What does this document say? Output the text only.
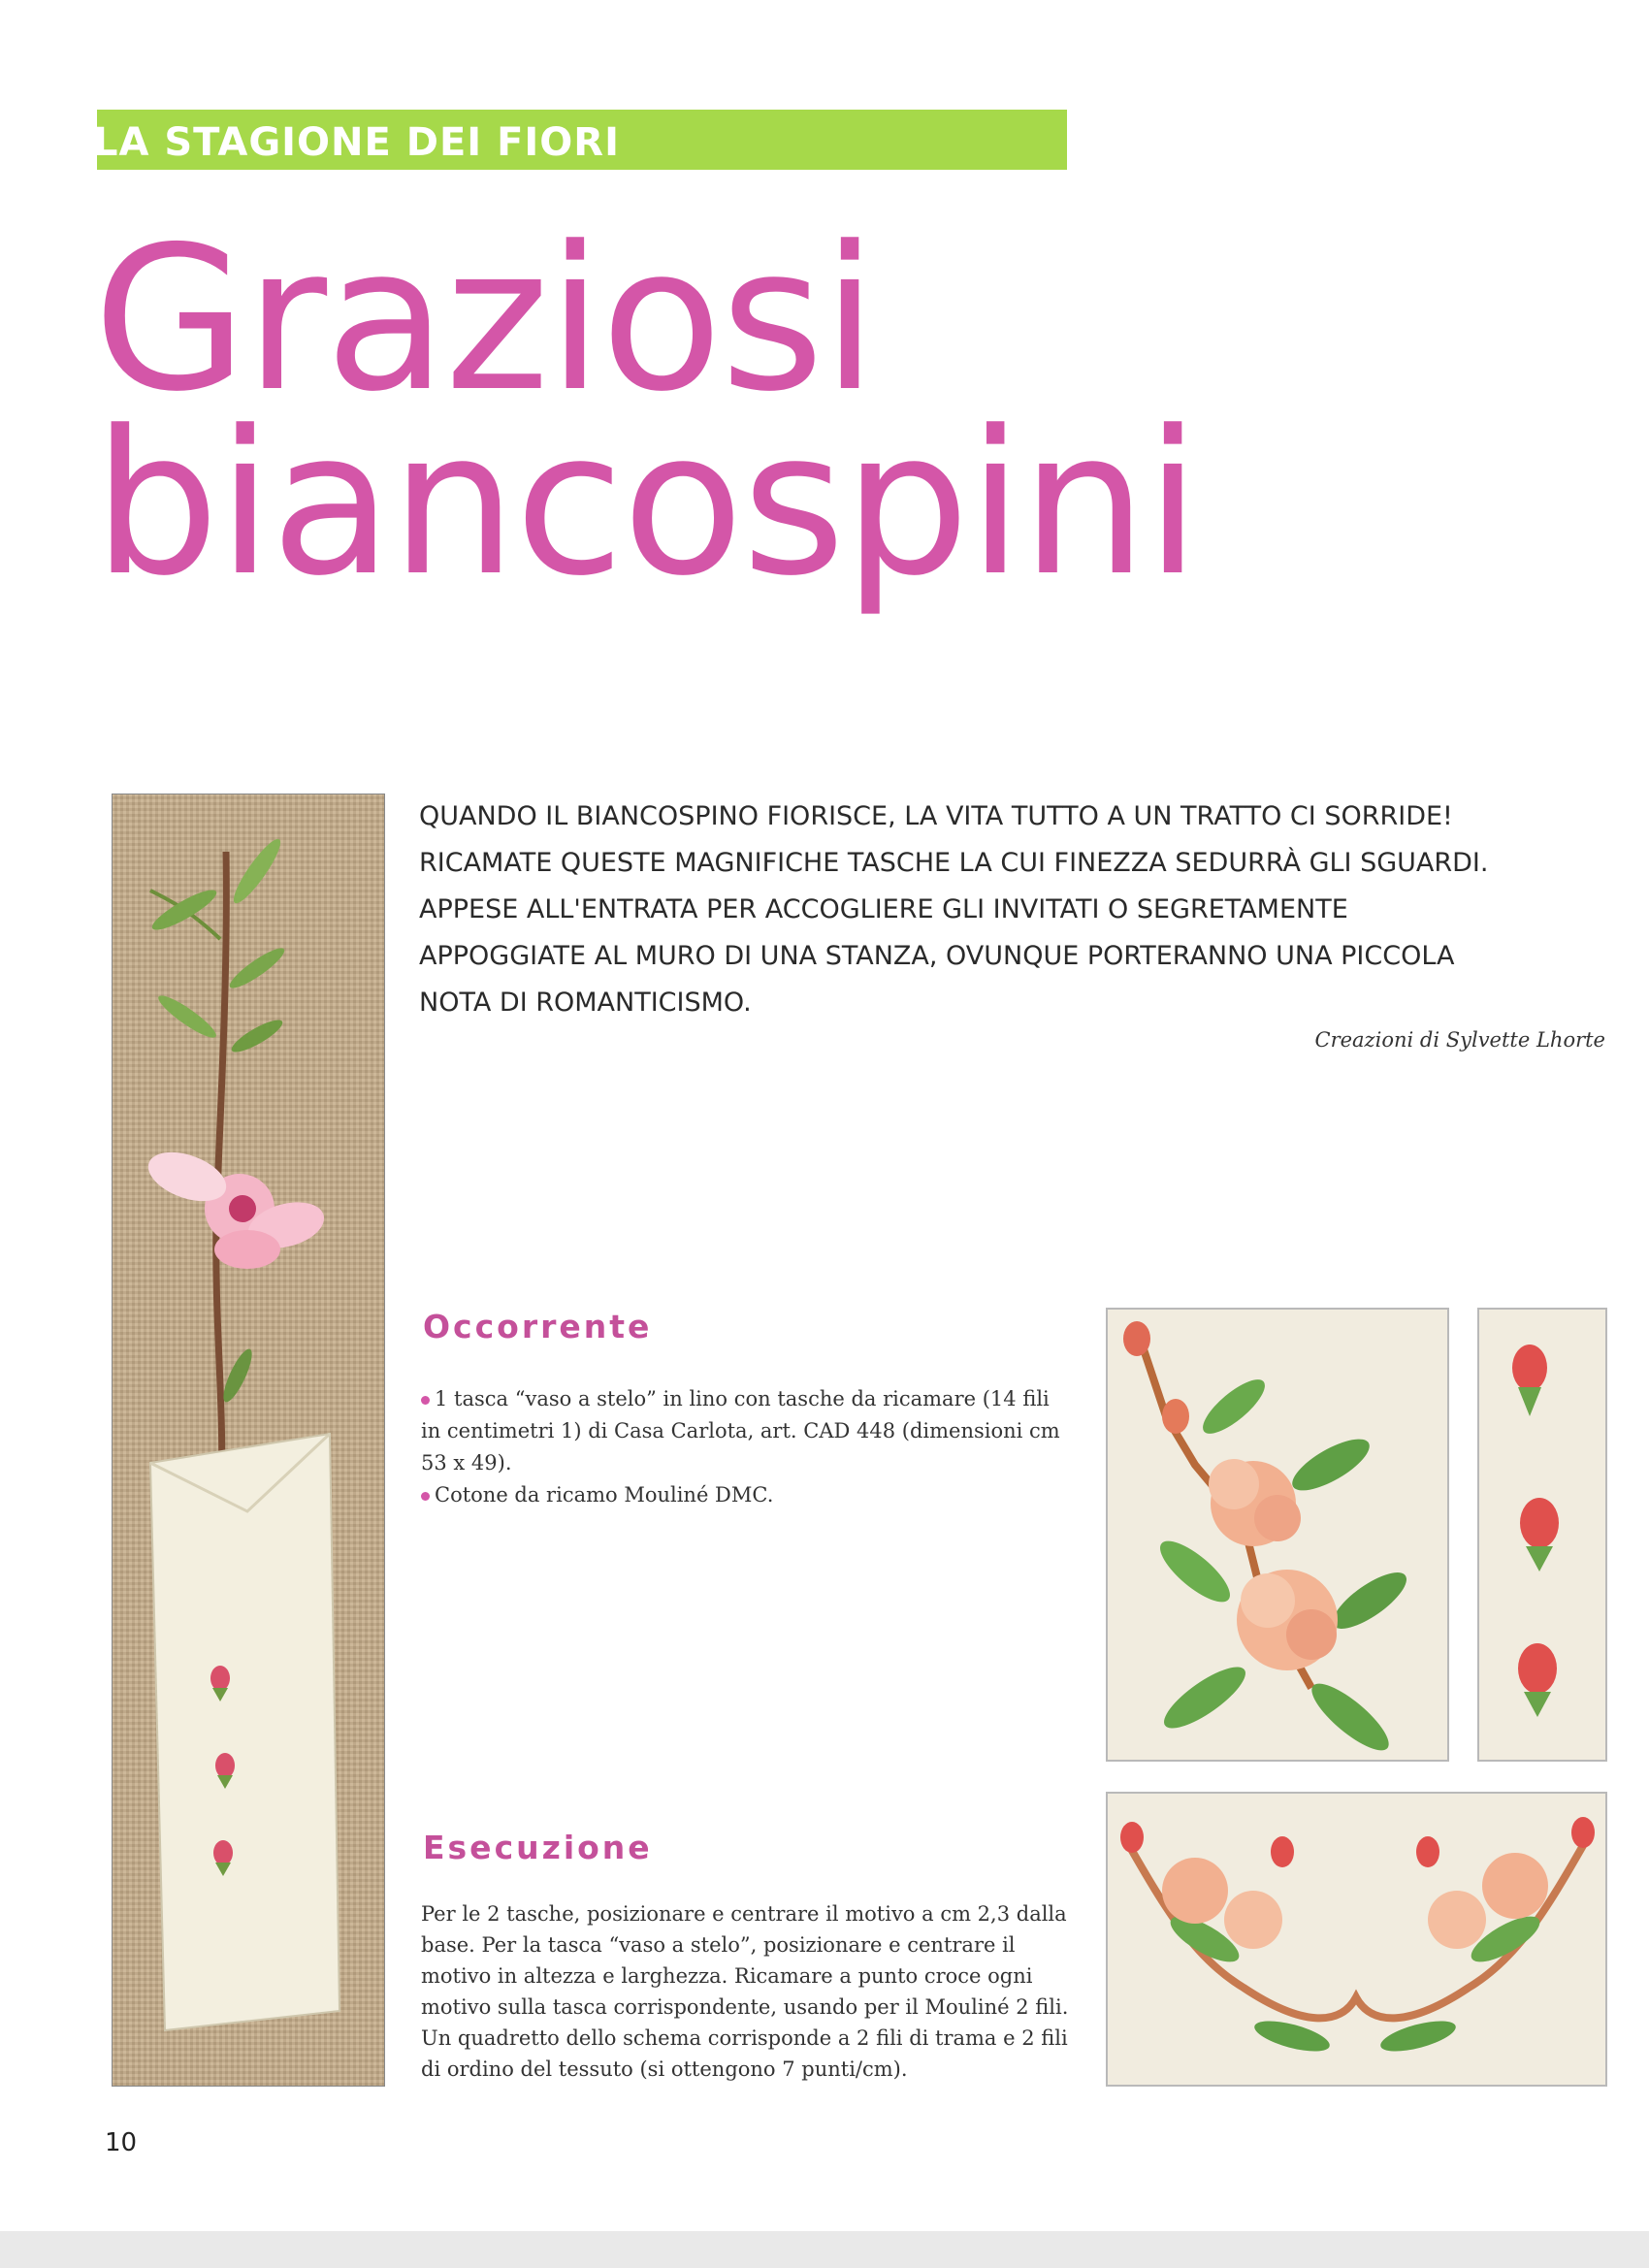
LA STAGIONE DEI FIORI
Graziosi
biancospini

QUANDO IL BIANCOSPINO FIORISCE, LA VITA TUTTO A UN TRATTO CI SORRIDE!

RICAMATE QUESTE MAGNIFICHE TASCHE LA CUI FINEZZA SEDURRÀ GLI SGUARDI.

APPESE ALL'ENTRATA PER ACCOGLIERE GLI INVITATI O SEGRETAMENTE

APPOGGIATE AL MURO DI UNA STANZA, OVUNQUE PORTERANNO UNA PICCOLA

NOTA DI ROMANTICISMO.

Creazioni di Sylvette Lhorte
Occorrente
1 tasca “vaso a stelo” in lino con tasche da ricamare (14 fili in centimetri 1) di Casa Carlota, art. CAD 448 (dimensioni cm 53 x 49).
Cotone da ricamo Mouliné DMC.
Esecuzione

Per le 2 tasche, posizionare e centrare il motivo a cm 2,3 dalla base. Per la tasca “vaso a stelo”, posizionare e centrare il motivo in altezza e larghezza. Ricamare a punto croce ogni motivo sulla tasca corrispondente, usando per il Mouliné 2 fili. Un quadretto dello schema corrisponde a 2 fili di trama e 2 fili di ordino del tessuto (si ottengono 7 punti/cm).

10
